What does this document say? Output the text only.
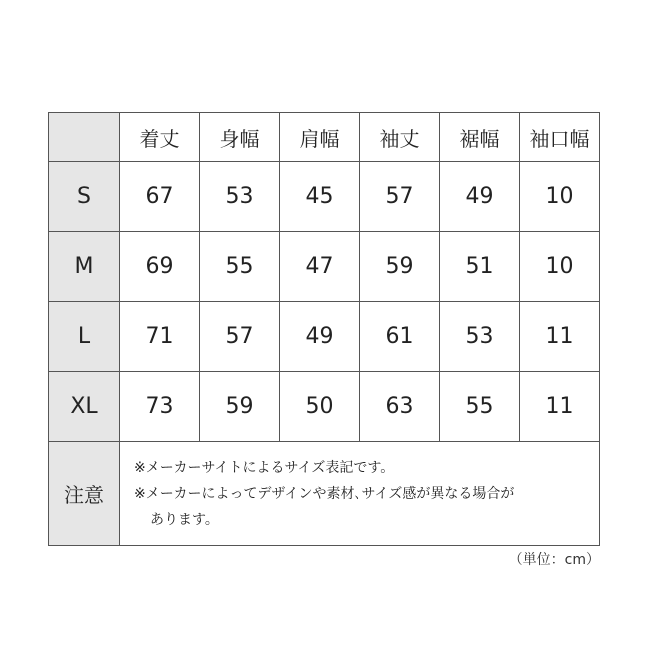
	着丈	身幅	肩幅	袖丈	裾幅	袖口幅
S	67	53	45	57	49	10
M	69	55	47	59	51	10
L	71	57	49	61	53	11
XL	73	59	50	63	55	11
注意	※メーカーサイトによるサイズ表記です。
※メーカーによってデザインや素材､サイズ感が異なる場合が
あります。					
（単位：cm）
